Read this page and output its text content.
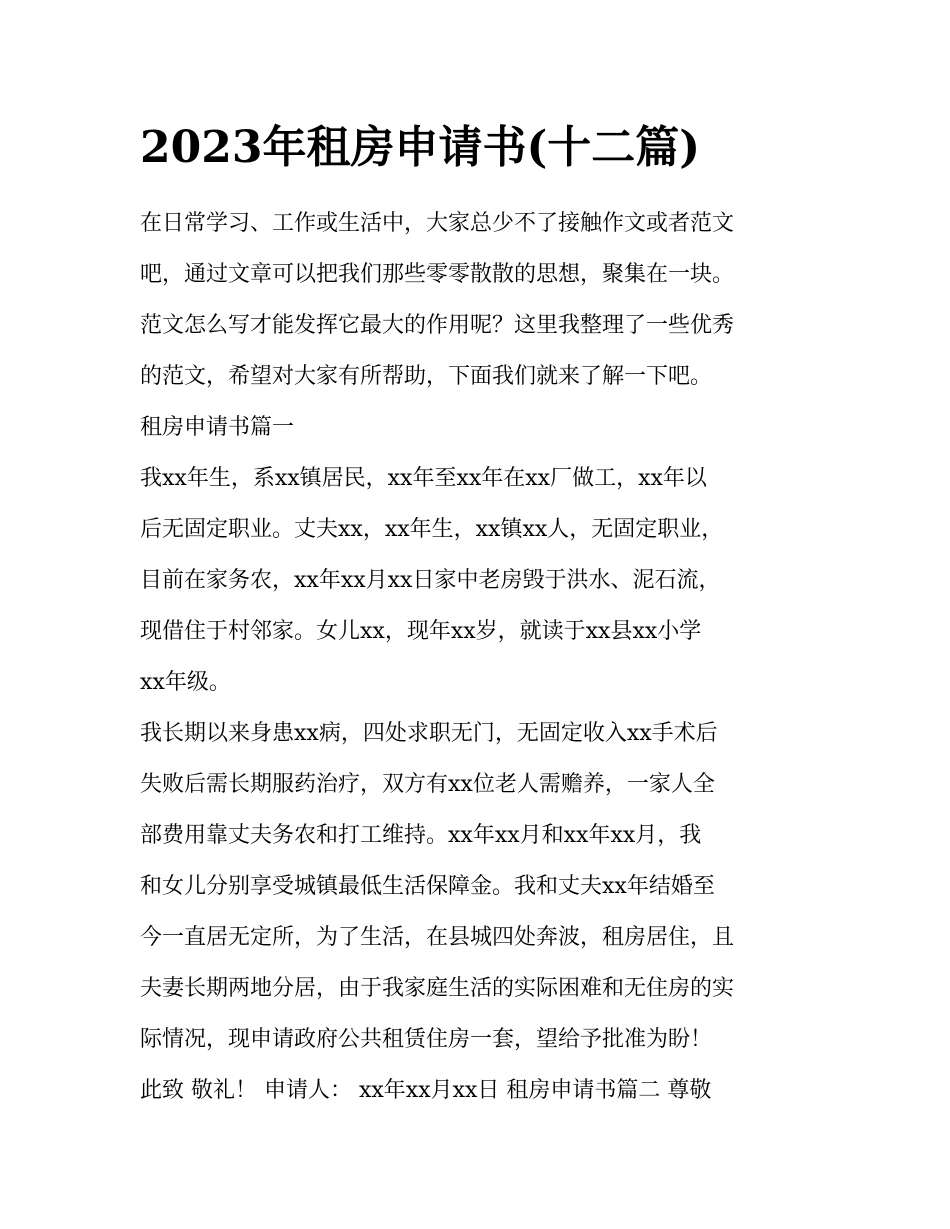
2023年租房申请书(十二篇)
在日常学习、工作或生活中，大家总少不了接触作文或者范文
吧，通过文章可以把我们那些零零散散的思想，聚集在一块。
范文怎么写才能发挥它最大的作用呢？这里我整理了一些优秀
的范文，希望对大家有所帮助，下面我们就来了解一下吧。
租房申请书篇一
我xx年生，系xx镇居民，xx年至xx年在xx厂做工，xx年以
后无固定职业。丈夫xx，xx年生，xx镇xx人，无固定职业，
目前在家务农，xx年xx月xx日家中老房毁于洪水、泥石流，
现借住于村邻家。女儿xx，现年xx岁，就读于xx县xx小学
xx年级。
我长期以来身患xx病，四处求职无门，无固定收入xx手术后
失败后需长期服药治疗，双方有xx位老人需赡养，一家人全
部费用靠丈夫务农和打工维持。xx年xx月和xx年xx月，我
和女儿分别享受城镇最低生活保障金。我和丈夫xx年结婚至
今一直居无定所，为了生活，在县城四处奔波，租房居住，且
夫妻长期两地分居，由于我家庭生活的实际困难和无住房的实
际情况，现申请政府公共租赁住房一套，望给予批准为盼！
此致 敬礼！ 申请人： xx年xx月xx日 租房申请书篇二 尊敬
